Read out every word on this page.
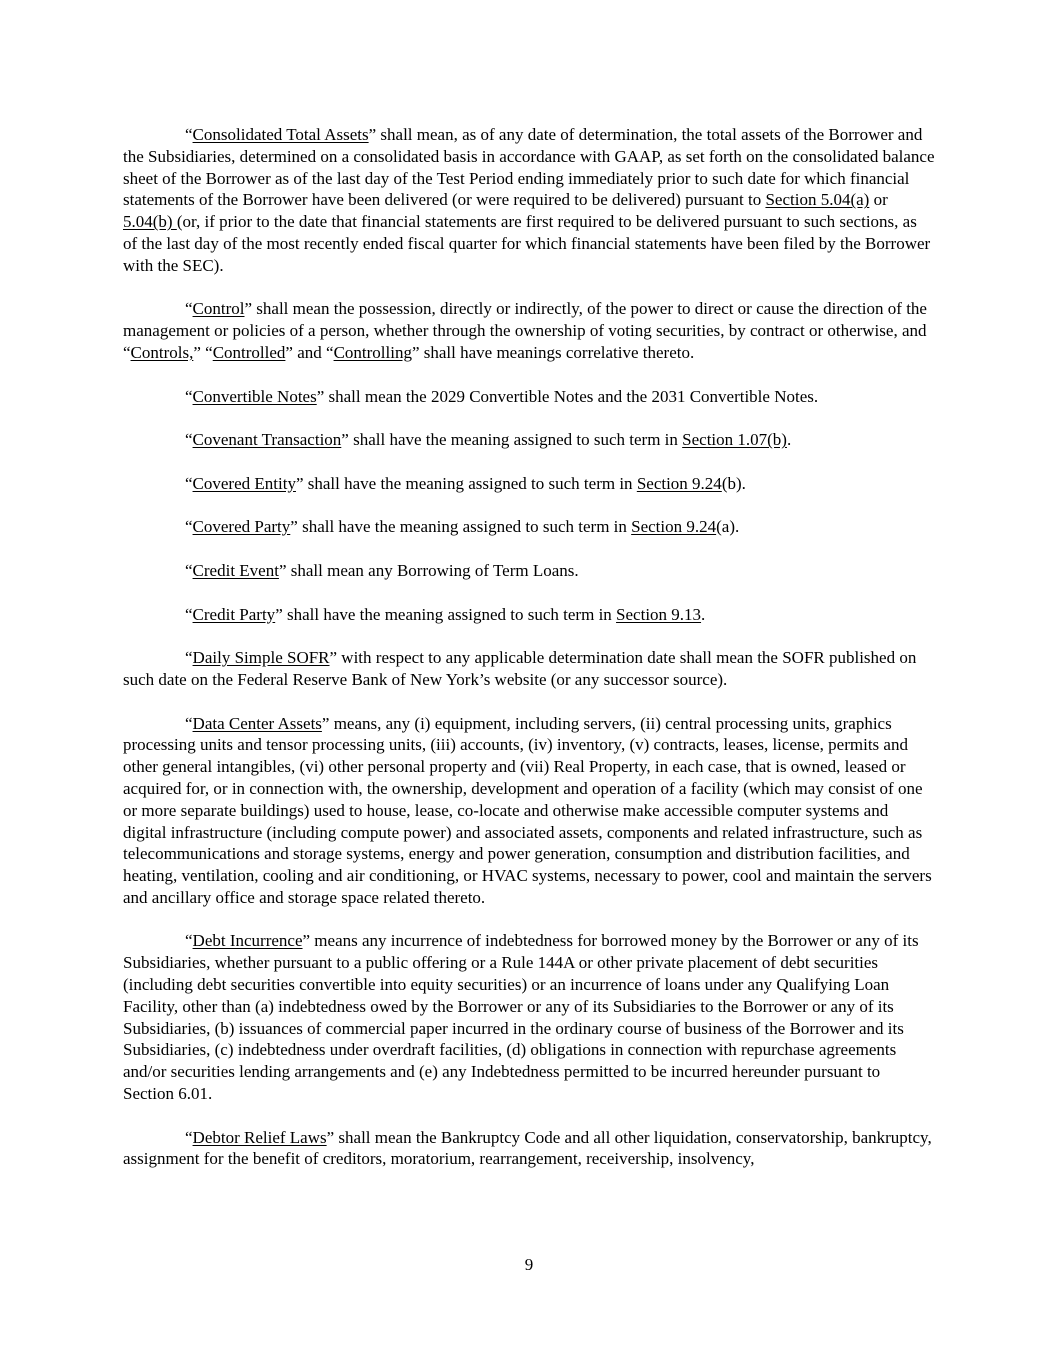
“Consolidated Total Assets” shall mean, as of any date of determination, the total assets of the Borrower and the Subsidiaries, determined on a consolidated basis in accordance with GAAP, as set forth on the consolidated balance sheet of the Borrower as of the last day of the Test Period ending immediately prior to such date for which financial statements of the Borrower have been delivered (or were required to be delivered) pursuant to Section 5.04(a) or 5.04(b) (or, if prior to the date that financial statements are first required to be delivered pursuant to such sections, as of the last day of the most recently ended fiscal quarter for which financial statements have been filed by the Borrower with the SEC).

“Control” shall mean the possession, directly or indirectly, of the power to direct or cause the direction of the management or policies of a person, whether through the ownership of voting securities, by contract or otherwise, and “Controls,” “Controlled” and “Controlling” shall have meanings correlative thereto.

“Convertible Notes” shall mean the 2029 Convertible Notes and the 2031 Convertible Notes.

“Covenant Transaction” shall have the meaning assigned to such term in Section 1.07(b).

“Covered Entity” shall have the meaning assigned to such term in Section 9.24(b).

“Covered Party” shall have the meaning assigned to such term in Section 9.24(a).

“Credit Event” shall mean any Borrowing of Term Loans.

“Credit Party” shall have the meaning assigned to such term in Section 9.13.

“Daily Simple SOFR” with respect to any applicable determination date shall mean the SOFR published on such date on the Federal Reserve Bank of New York’s website (or any successor source).

“Data Center Assets” means, any (i) equipment, including servers, (ii) central processing units, graphics processing units and tensor processing units, (iii) accounts, (iv) inventory, (v) contracts, leases, license, permits and other general intangibles, (vi) other personal property and (vii) Real Property, in each case, that is owned, leased or acquired for, or in connection with, the ownership, development and operation of a facility (which may consist of one or more separate buildings) used to house, lease, co-locate and otherwise make accessible computer systems and digital infrastructure (including compute power) and associated assets, components and related infrastructure, such as telecommunications and storage systems, energy and power generation, consumption and distribution facilities, and heating, ventilation, cooling and air conditioning, or HVAC systems, necessary to power, cool and maintain the servers and ancillary office and storage space related thereto.

“Debt Incurrence” means any incurrence of indebtedness for borrowed money by the Borrower or any of its Subsidiaries, whether pursuant to a public offering or a Rule 144A or other private placement of debt securities (including debt securities convertible into equity securities) or an incurrence of loans under any Qualifying Loan Facility, other than (a) indebtedness owed by the Borrower or any of its Subsidiaries to the Borrower or any of its Subsidiaries, (b) issuances of commercial paper incurred in the ordinary course of business of the Borrower and its Subsidiaries, (c) indebtedness under overdraft facilities, (d) obligations in connection with repurchase agreements and/or securities lending arrangements and (e) any Indebtedness permitted to be incurred hereunder pursuant to Section 6.01.

“Debtor Relief Laws” shall mean the Bankruptcy Code and all other liquidation, conservatorship, bankruptcy, assignment for the benefit of creditors, moratorium, rearrangement, receivership, insolvency,

9
